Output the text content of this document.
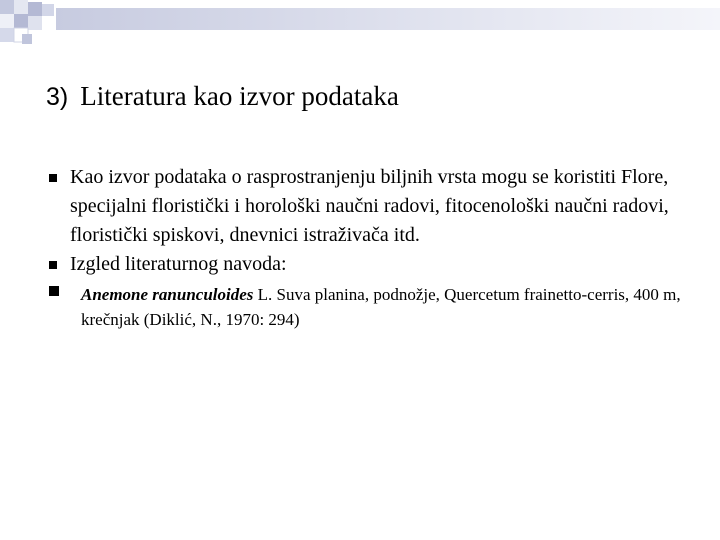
3) Literatura kao izvor podataka
Kao izvor podataka o rasprostranjenju biljnih vrsta mogu se koristiti Flore, specijalni floristički i horološki naučni radovi, fitocenološki naučni radovi, floristički spiskovi, dnevnici istraživača itd.
Izgled literaturnog navoda:
Anemone ranunculoides L. Suva planina, podnožje, Quercetum frainetto-cerris, 400 m, krečnjak (Diklić, N., 1970: 294)
